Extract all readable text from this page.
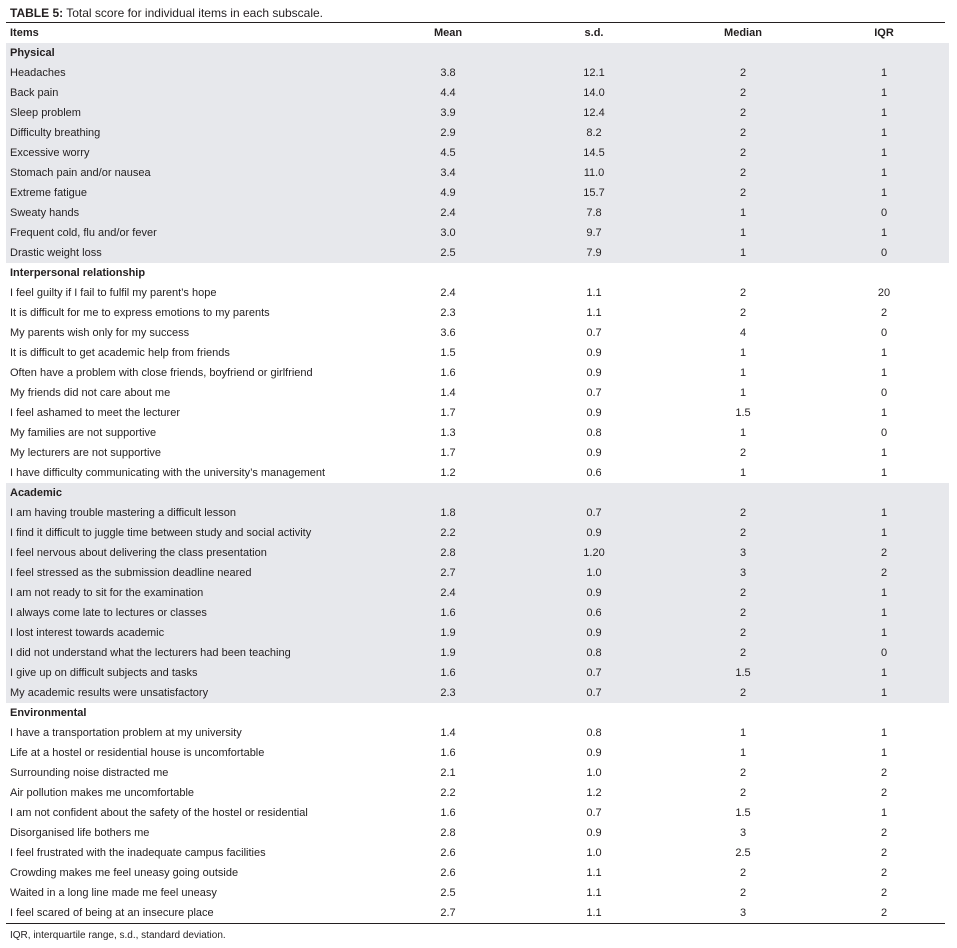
TABLE 5: Total score for individual items in each subscale.
Items	Mean	s.d.	Median	IQR
Physical				
Headaches	3.8	12.1	2	1
Back pain	4.4	14.0	2	1
Sleep problem	3.9	12.4	2	1
Difficulty breathing	2.9	8.2	2	1
Excessive worry	4.5	14.5	2	1
Stomach pain and/or nausea	3.4	11.0	2	1
Extreme fatigue	4.9	15.7	2	1
Sweaty hands	2.4	7.8	1	0
Frequent cold, flu and/or fever	3.0	9.7	1	1
Drastic weight loss	2.5	7.9	1	0
Interpersonal relationship				
I feel guilty if I fail to fulfil my parent’s hope	2.4	1.1	2	20
It is difficult for me to express emotions to my parents	2.3	1.1	2	2
My parents wish only for my success	3.6	0.7	4	0
It is difficult to get academic help from friends	1.5	0.9	1	1
Often have a problem with close friends, boyfriend or girlfriend	1.6	0.9	1	1
My friends did not care about me	1.4	0.7	1	0
I feel ashamed to meet the lecturer	1.7	0.9	1.5	1
My families are not supportive	1.3	0.8	1	0
My lecturers are not supportive	1.7	0.9	2	1
I have difficulty communicating with the university’s management	1.2	0.6	1	1
Academic				
I am having trouble mastering a difficult lesson	1.8	0.7	2	1
I find it difficult to juggle time between study and social activity	2.2	0.9	2	1
I feel nervous about delivering the class presentation	2.8	1.20	3	2
I feel stressed as the submission deadline neared	2.7	1.0	3	2
I am not ready to sit for the examination	2.4	0.9	2	1
I always come late to lectures or classes	1.6	0.6	2	1
I lost interest towards academic	1.9	0.9	2	1
I did not understand what the lecturers had been teaching	1.9	0.8	2	0
I give up on difficult subjects and tasks	1.6	0.7	1.5	1
My academic results were unsatisfactory	2.3	0.7	2	1
Environmental				
I have a transportation problem at my university	1.4	0.8	1	1
Life at a hostel or residential house is uncomfortable	1.6	0.9	1	1
Surrounding noise distracted me	2.1	1.0	2	2
Air pollution makes me uncomfortable	2.2	1.2	2	2
I am not confident about the safety of the hostel or residential	1.6	0.7	1.5	1
Disorganised life bothers me	2.8	0.9	3	2
I feel frustrated with the inadequate campus facilities	2.6	1.0	2.5	2
Crowding makes me feel uneasy going outside	2.6	1.1	2	2
Waited in a long line made me feel uneasy	2.5	1.1	2	2
I feel scared of being at an insecure place	2.7	1.1	3	2
IQR, interquartile range, s.d., standard deviation.
